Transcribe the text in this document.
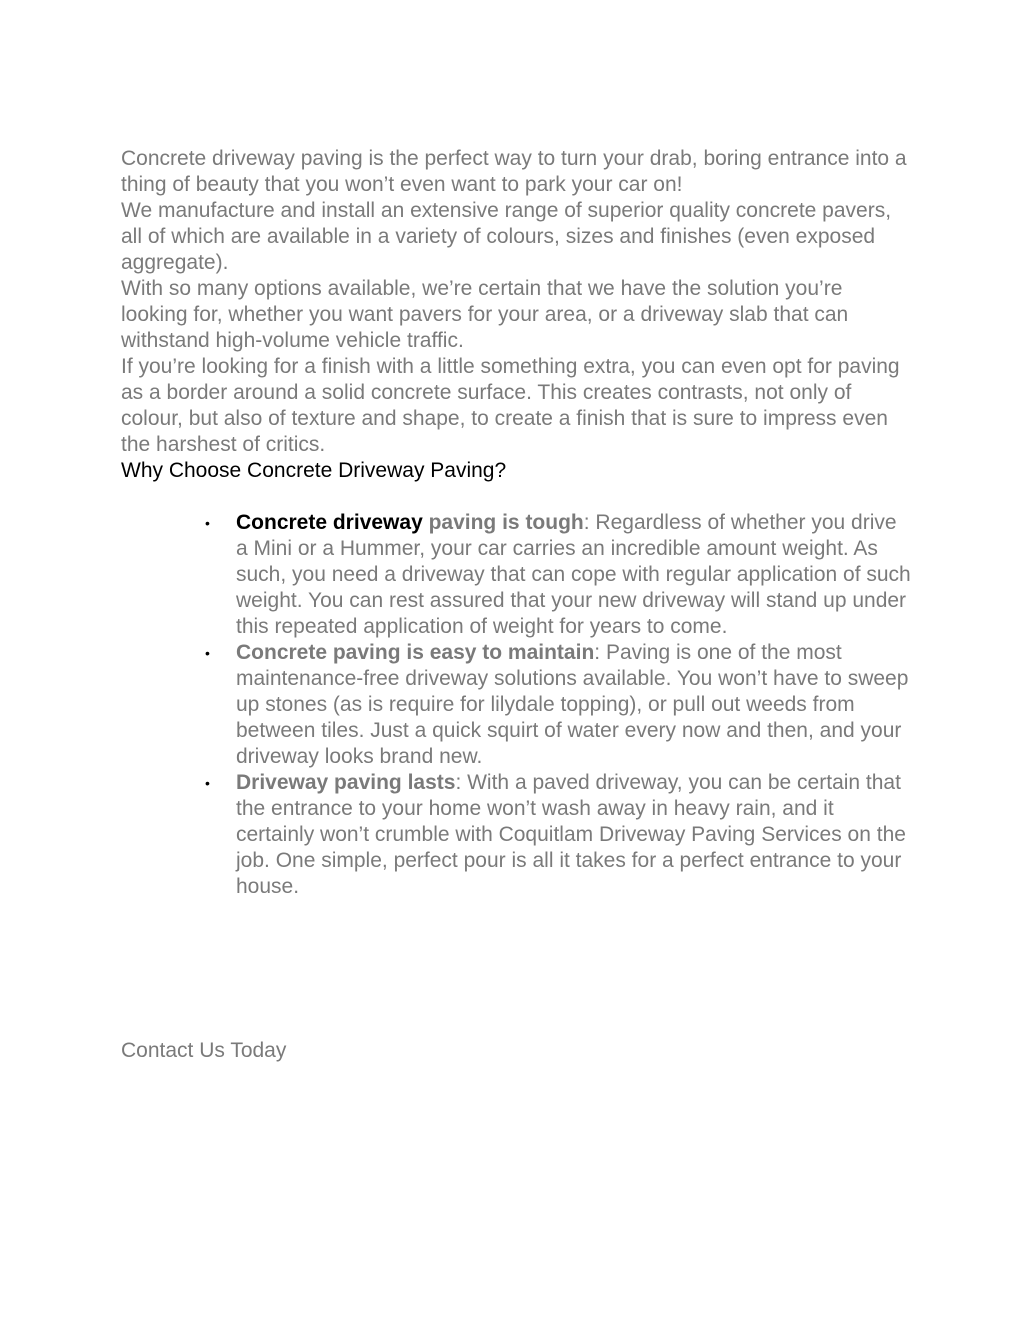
Concrete driveway paving is the perfect way to turn your drab, boring entrance into a thing of beauty that you won’t even want to park your car on!

We manufacture and install an extensive range of superior quality concrete pavers, all of which are available in a variety of colours, sizes and finishes (even exposed aggregate).

With so many options available, we’re certain that we have the solution you’re looking for, whether you want pavers for your area, or a driveway slab that can withstand high-volume vehicle traffic.

If you’re looking for a finish with a little something extra, you can even opt for paving as a border around a solid concrete surface. This creates contrasts, not only of colour, but also of texture and shape, to create a finish that is sure to impress even the harshest of critics.

Why Choose Concrete Driveway Paving?

• Concrete driveway paving is tough: Regardless of whether you drive a Mini or a Hummer, your car carries an incredible amount weight. As such, you need a driveway that can cope with regular application of such weight. You can rest assured that your new driveway will stand up under this repeated application of weight for years to come.
• Concrete paving is easy to maintain: Paving is one of the most maintenance-free driveway solutions available. You won’t have to sweep up stones (as is require for lilydale topping), or pull out weeds from between tiles. Just a quick squirt of water every now and then, and your driveway looks brand new.
• Driveway paving lasts: With a paved driveway, you can be certain that the entrance to your home won’t wash away in heavy rain, and it certainly won’t crumble with Coquitlam Driveway Paving Services on the job. One simple, perfect pour is all it takes for a perfect entrance to your house.

Contact Us Today
